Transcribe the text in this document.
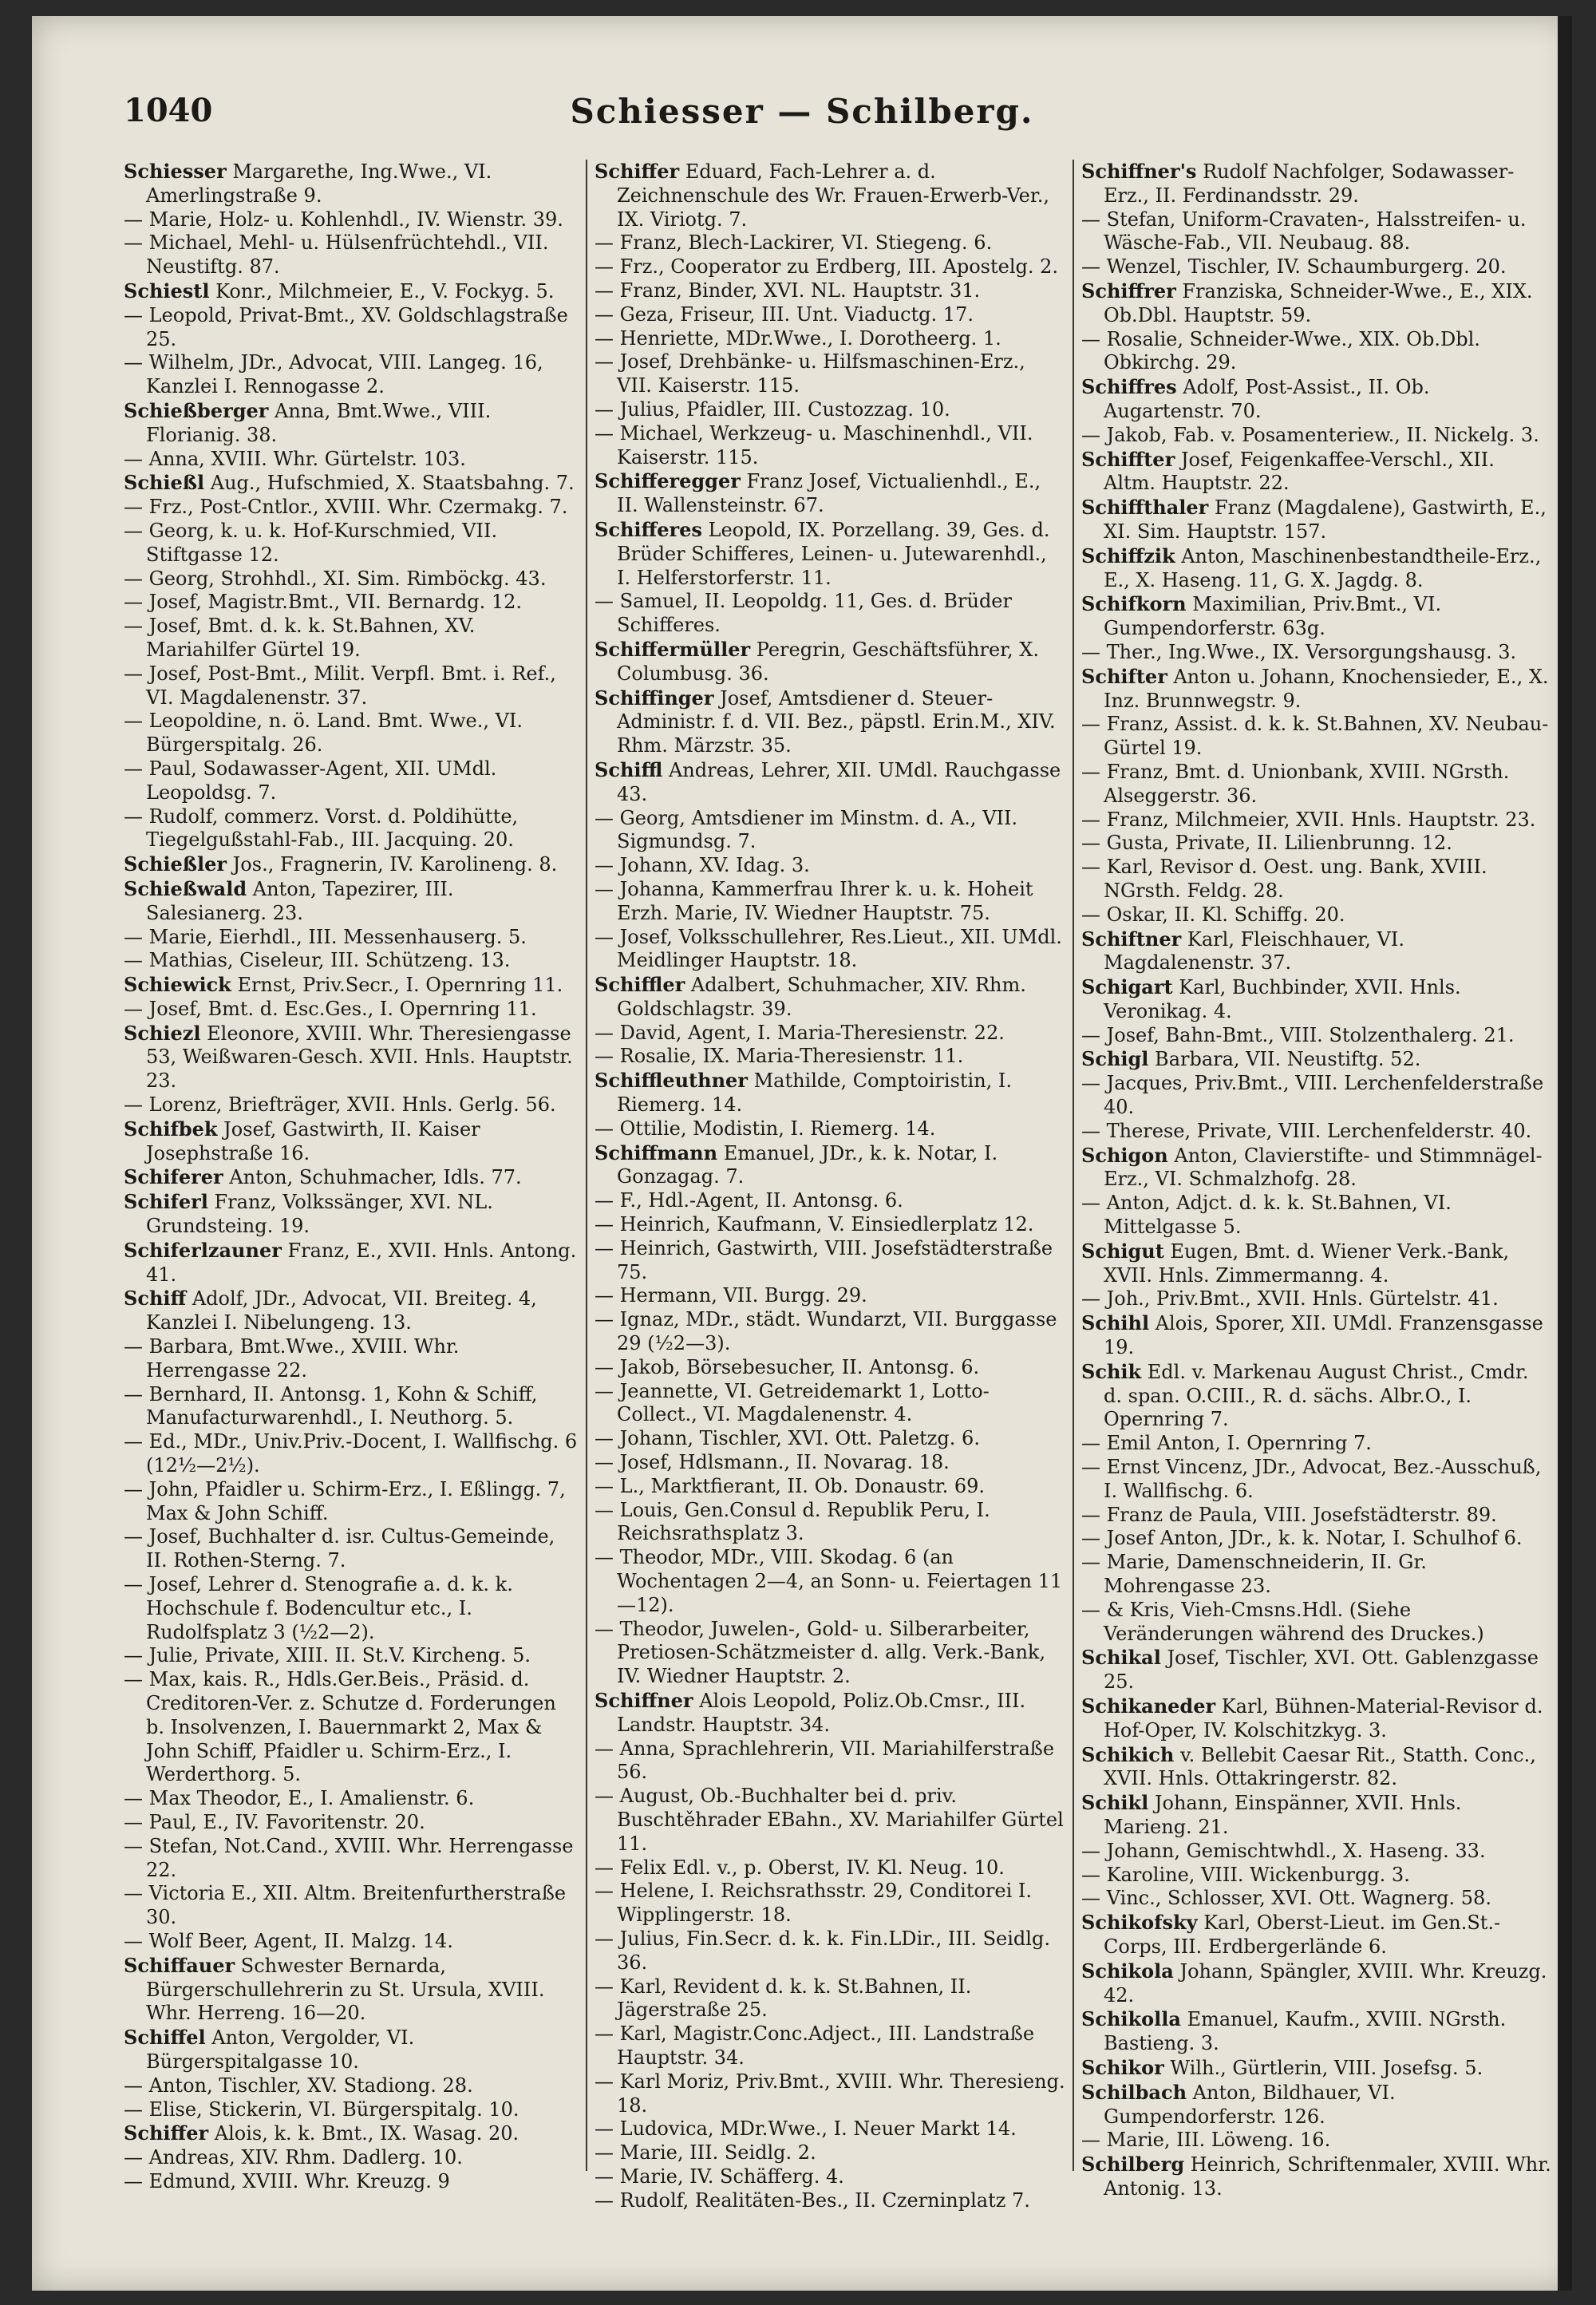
1040	Schiesser — Schilberg.

Schiesser Margarethe, Ing.Wwe., VI. Amerlingstraße 9.

— Marie, Holz- u. Kohlenhdl., IV. Wienstr. 39.

— Michael, Mehl- u. Hülsenfrüchtehdl., VII. Neustiftg. 87.

Schiestl Konr., Milchmeier, E., V. Fockyg. 5.

— Leopold, Privat-Bmt., XV. Goldschlagstraße 25.

— Wilhelm, JDr., Advocat, VIII. Langeg. 16, Kanzlei I. Rennogasse 2.

Schießberger Anna, Bmt.Wwe., VIII. Florianig. 38.

— Anna, XVIII. Whr. Gürtelstr. 103.

Schießl Aug., Hufschmied, X. Staatsbahng. 7.

— Frz., Post-Cntlor., XVIII. Whr. Czermakg. 7.

— Georg, k. u. k. Hof-Kurschmied, VII. Stiftgasse 12.

— Georg, Strohhdl., XI. Sim. Rimböckg. 43.

— Josef, Magistr.Bmt., VII. Bernardg. 12.

— Josef, Bmt. d. k. k. St.Bahnen, XV. Mariahilfer Gürtel 19.

— Josef, Post-Bmt., Milit. Verpfl. Bmt. i. Ref., VI. Magdalenenstr. 37.

— Leopoldine, n. ö. Land. Bmt. Wwe., VI. Bürgerspitalg. 26.

— Paul, Sodawasser-Agent, XII. UMdl. Leopoldsg. 7.

— Rudolf, commerz. Vorst. d. Poldihütte, Tiegelgußstahl-Fab., III. Jacquing. 20.

Schießler Jos., Fragnerin, IV. Karolineng. 8.

Schießwald Anton, Tapezirer, III. Salesianerg. 23.

— Marie, Eierhdl., III. Messenhauserg. 5.

— Mathias, Ciseleur, III. Schützeng. 13.

Schiewick Ernst, Priv.Secr., I. Opernring 11.

— Josef, Bmt. d. Esc.Ges., I. Opernring 11.

Schiezl Eleonore, XVIII. Whr. Theresiengasse 53, Weißwaren-Gesch. XVII. Hnls. Hauptstr. 23.

— Lorenz, Briefträger, XVII. Hnls. Gerlg. 56.

Schifbek Josef, Gastwirth, II. Kaiser Josephstraße 16.

Schiferer Anton, Schuhmacher, Idls. 77.

Schiferl Franz, Volkssänger, XVI. NL. Grundsteing. 19.

Schiferlzauner Franz, E., XVII. Hnls. Antong. 41.

Schiff Adolf, JDr., Advocat, VII. Breiteg. 4, Kanzlei I. Nibelungeng. 13.

— Barbara, Bmt.Wwe., XVIII. Whr. Herrengasse 22.

— Bernhard, II. Antonsg. 1, Kohn & Schiff, Manufacturwarenhdl., I. Neuthorg. 5.

— Ed., MDr., Univ.Priv.-Docent, I. Wallfischg. 6 (12½—2½).

— John, Pfaidler u. Schirm-Erz., I. Eßlingg. 7, Max & John Schiff.

— Josef, Buchhalter d. isr. Cultus-Gemeinde, II. Rothen-Sterng. 7.

— Josef, Lehrer d. Stenografie a. d. k. k. Hochschule f. Bodencultur etc., I. Rudolfsplatz 3 (½2—2).

— Julie, Private, XIII. II. St.V. Kircheng. 5.

— Max, kais. R., Hdls.Ger.Beis., Präsid. d. Creditoren-Ver. z. Schutze d. Forderungen b. Insolvenzen, I. Bauernmarkt 2, Max & John Schiff, Pfaidler u. Schirm-Erz., I. Werderthorg. 5.

— Max Theodor, E., I. Amalienstr. 6.

— Paul, E., IV. Favoritenstr. 20.

— Stefan, Not.Cand., XVIII. Whr. Herrengasse 22.

— Victoria E., XII. Altm. Breitenfurtherstraße 30.

— Wolf Beer, Agent, II. Malzg. 14.

Schiffauer Schwester Bernarda, Bürgerschullehrerin zu St. Ursula, XVIII. Whr. Herreng. 16—20.

Schiffel Anton, Vergolder, VI. Bürgerspitalgasse 10.

— Anton, Tischler, XV. Stadiong. 28.

— Elise, Stickerin, VI. Bürgerspitalg. 10.

Schiffer Alois, k. k. Bmt., IX. Wasag. 20.

— Andreas, XIV. Rhm. Dadlerg. 10.

— Edmund, XVIII. Whr. Kreuzg. 9

Schiffer Eduard, Fach-Lehrer a. d. Zeichnenschule des Wr. Frauen-Erwerb-Ver., IX. Viriotg. 7.

— Franz, Blech-Lackirer, VI. Stiegeng. 6.

— Frz., Cooperator zu Erdberg, III. Apostelg. 2.

— Franz, Binder, XVI. NL. Hauptstr. 31.

— Geza, Friseur, III. Unt. Viaductg. 17.

— Henriette, MDr.Wwe., I. Dorotheerg. 1.

— Josef, Drehbänke- u. Hilfsmaschinen-Erz., VII. Kaiserstr. 115.

— Julius, Pfaidler, III. Custozzag. 10.

— Michael, Werkzeug- u. Maschinenhdl., VII. Kaiserstr. 115.

Schifferegger Franz Josef, Victualienhdl., E., II. Wallensteinstr. 67.

Schifferes Leopold, IX. Porzellang. 39, Ges. d. Brüder Schifferes, Leinen- u. Jutewarenhdl., I. Helferstorferstr. 11.

— Samuel, II. Leopoldg. 11, Ges. d. Brüder Schifferes.

Schiffermüller Peregrin, Geschäftsführer, X. Columbusg. 36.

Schiffinger Josef, Amtsdiener d. Steuer-Administr. f. d. VII. Bez., päpstl. Erin.M., XIV. Rhm. Märzstr. 35.

Schiffl Andreas, Lehrer, XII. UMdl. Rauchgasse 43.

— Georg, Amtsdiener im Minstm. d. A., VII. Sigmundsg. 7.

— Johann, XV. Idag. 3.

— Johanna, Kammerfrau Ihrer k. u. k. Hoheit Erzh. Marie, IV. Wiedner Hauptstr. 75.

— Josef, Volksschullehrer, Res.Lieut., XII. UMdl. Meidlinger Hauptstr. 18.

Schiffler Adalbert, Schuhmacher, XIV. Rhm. Goldschlagstr. 39.

— David, Agent, I. Maria-Theresienstr. 22.

— Rosalie, IX. Maria-Theresienstr. 11.

Schiffleuthner Mathilde, Comptoiristin, I. Riemerg. 14.

— Ottilie, Modistin, I. Riemerg. 14.

Schiffmann Emanuel, JDr., k. k. Notar, I. Gonzagag. 7.

— F., Hdl.-Agent, II. Antonsg. 6.

— Heinrich, Kaufmann, V. Einsiedlerplatz 12.

— Heinrich, Gastwirth, VIII. Josefstädterstraße 75.

— Hermann, VII. Burgg. 29.

— Ignaz, MDr., städt. Wundarzt, VII. Burggasse 29 (½2—3).

— Jakob, Börsebesucher, II. Antonsg. 6.

— Jeannette, VI. Getreidemarkt 1, Lotto-Collect., VI. Magdalenenstr. 4.

— Johann, Tischler, XVI. Ott. Paletzg. 6.

— Josef, Hdlsmann., II. Novarag. 18.

— L., Marktfierant, II. Ob. Donaustr. 69.

— Louis, Gen.Consul d. Republik Peru, I. Reichsrathsplatz 3.

— Theodor, MDr., VIII. Skodag. 6 (an Wochentagen 2—4, an Sonn- u. Feiertagen 11—12).

— Theodor, Juwelen-, Gold- u. Silberarbeiter, Pretiosen-Schätzmeister d. allg. Verk.-Bank, IV. Wiedner Hauptstr. 2.

Schiffner Alois Leopold, Poliz.Ob.Cmsr., III. Landstr. Hauptstr. 34.

— Anna, Sprachlehrerin, VII. Mariahilferstraße 56.

— August, Ob.-Buchhalter bei d. priv. Buschtěhrader EBahn., XV. Mariahilfer Gürtel 11.

— Felix Edl. v., p. Oberst, IV. Kl. Neug. 10.

— Helene, I. Reichsrathsstr. 29, Conditorei I. Wipplingerstr. 18.

— Julius, Fin.Secr. d. k. k. Fin.LDir., III. Seidlg. 36.

— Karl, Revident d. k. k. St.Bahnen, II. Jägerstraße 25.

— Karl, Magistr.Conc.Adject., III. Landstraße Hauptstr. 34.

— Karl Moriz, Priv.Bmt., XVIII. Whr. Theresieng. 18.

— Ludovica, MDr.Wwe., I. Neuer Markt 14.

— Marie, III. Seidlg. 2.

— Marie, IV. Schäfferg. 4.

— Rudolf, Realitäten-Bes., II. Czerninplatz 7.

Schiffner's Rudolf Nachfolger, Sodawasser-Erz., II. Ferdinandsstr. 29.

— Stefan, Uniform-Cravaten-, Halsstreifen- u. Wäsche-Fab., VII. Neubaug. 88.

— Wenzel, Tischler, IV. Schaumburgerg. 20.

Schiffrer Franziska, Schneider-Wwe., E., XIX. Ob.Dbl. Hauptstr. 59.

— Rosalie, Schneider-Wwe., XIX. Ob.Dbl. Obkirchg. 29.

Schiffres Adolf, Post-Assist., II. Ob. Augartenstr. 70.

— Jakob, Fab. v. Posamenteriew., II. Nickelg. 3.

Schiffter Josef, Feigenkaffee-Verschl., XII. Altm. Hauptstr. 22.

Schiffthaler Franz (Magdalene), Gastwirth, E., XI. Sim. Hauptstr. 157.

Schiffzik Anton, Maschinenbestandtheile-Erz., E., X. Haseng. 11, G. X. Jagdg. 8.

Schifkorn Maximilian, Priv.Bmt., VI. Gumpendorferstr. 63g.

— Ther., Ing.Wwe., IX. Versorgungshausg. 3.

Schifter Anton u. Johann, Knochensieder, E., X. Inz. Brunnwegstr. 9.

— Franz, Assist. d. k. k. St.Bahnen, XV. Neubau-Gürtel 19.

— Franz, Bmt. d. Unionbank, XVIII. NGrsth. Alseggerstr. 36.

— Franz, Milchmeier, XVII. Hnls. Hauptstr. 23.

— Gusta, Private, II. Lilienbrunng. 12.

— Karl, Revisor d. Oest. ung. Bank, XVIII. NGrsth. Feldg. 28.

— Oskar, II. Kl. Schiffg. 20.

Schiftner Karl, Fleischhauer, VI. Magdalenenstr. 37.

Schigart Karl, Buchbinder, XVII. Hnls. Veronikag. 4.

— Josef, Bahn-Bmt., VIII. Stolzenthalerg. 21.

Schigl Barbara, VII. Neustiftg. 52.

— Jacques, Priv.Bmt., VIII. Lerchenfelderstraße 40.

— Therese, Private, VIII. Lerchenfelderstr. 40.

Schigon Anton, Clavierstifte- und Stimmnägel-Erz., VI. Schmalzhofg. 28.

— Anton, Adjct. d. k. k. St.Bahnen, VI. Mittelgasse 5.

Schigut Eugen, Bmt. d. Wiener Verk.-Bank, XVII. Hnls. Zimmermanng. 4.

— Joh., Priv.Bmt., XVII. Hnls. Gürtelstr. 41.

Schihl Alois, Sporer, XII. UMdl. Franzensgasse 19.

Schik Edl. v. Markenau August Christ., Cmdr. d. span. O.CIII., R. d. sächs. Albr.O., I. Opernring 7.

— Emil Anton, I. Opernring 7.

— Ernst Vincenz, JDr., Advocat, Bez.-Ausschuß, I. Wallfischg. 6.

— Franz de Paula, VIII. Josefstädterstr. 89.

— Josef Anton, JDr., k. k. Notar, I. Schulhof 6.

— Marie, Damenschneiderin, II. Gr. Mohrengasse 23.

— & Kris, Vieh-Cmsns.Hdl. (Siehe Veränderungen während des Druckes.)

Schikal Josef, Tischler, XVI. Ott. Gablenzgasse 25.

Schikaneder Karl, Bühnen-Material-Revisor d. Hof-Oper, IV. Kolschitzkyg. 3.

Schikich v. Bellebit Caesar Rit., Statth. Conc., XVII. Hnls. Ottakringerstr. 82.

Schikl Johann, Einspänner, XVII. Hnls. Marieng. 21.

— Johann, Gemischtwhdl., X. Haseng. 33.

— Karoline, VIII. Wickenburgg. 3.

— Vinc., Schlosser, XVI. Ott. Wagnerg. 58.

Schikofsky Karl, Oberst-Lieut. im Gen.St.-Corps, III. Erdbergerlände 6.

Schikola Johann, Spängler, XVIII. Whr. Kreuzg. 42.

Schikolla Emanuel, Kaufm., XVIII. NGrsth. Bastieng. 3.

Schikor Wilh., Gürtlerin, VIII. Josefsg. 5.

Schilbach Anton, Bildhauer, VI. Gumpendorferstr. 126.

— Marie, III. Löweng. 16.

Schilberg Heinrich, Schriftenmaler, XVIII. Whr. Antonig. 13.
